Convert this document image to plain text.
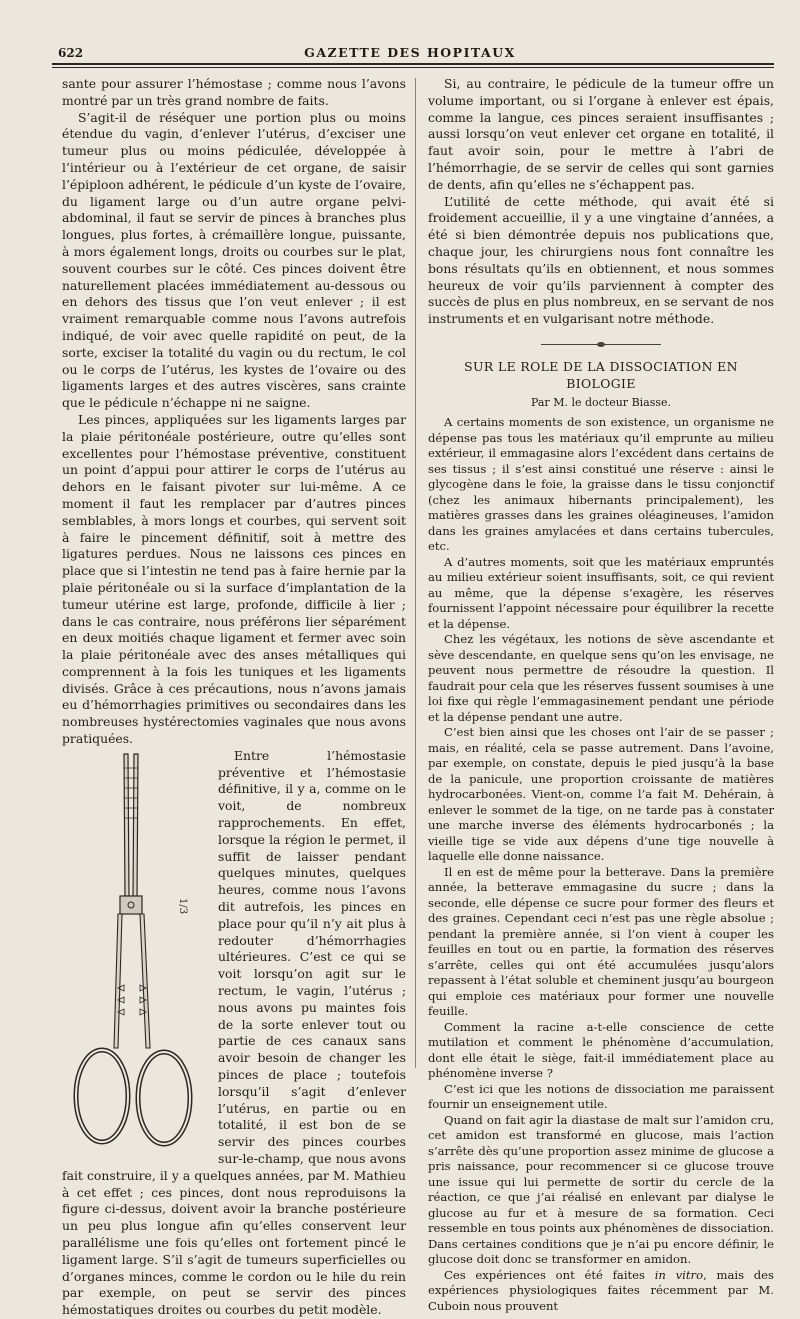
622	GAZETTE DES HOPITAUX

sante pour assurer l’hémostase ; comme nous l’avons montré par un très grand nombre de faits.

S’agit-il de réséquer une portion plus ou moins étendue du vagin, d’enlever l’utérus, d’exciser une tumeur plus ou moins pédiculée, développée à l’intérieur ou à l’extérieur de cet organe, de saisir l’épiploon adhérent, le pédicule d’un kyste de l’ovaire, du ligament large ou d’un autre organe pelvi-abdominal, il faut se servir de pinces à branches plus longues, plus fortes, à crémaillère longue, puissante, à mors également longs, droits ou courbes sur le plat, souvent courbes sur le côté. Ces pinces doivent être naturellement placées immédiatement au-dessous ou en dehors des tissus que l’on veut enlever ; il est vraiment remarquable comme nous l’avons autrefois indiqué, de voir avec quelle rapidité on peut, de la sorte, exciser la totalité du vagin ou du rectum, le col ou le corps de l’utérus, les kystes de l’ovaire ou des ligaments larges et des autres viscères, sans crainte que le pédicule n’échappe ni ne saigne.

Les pinces, appliquées sur les ligaments larges par la plaie péritonéale postérieure, outre qu’elles sont excellentes pour l’hémostase préventive, constituent un point d’appui pour attirer le corps de l’utérus au dehors en le faisant pivoter sur lui-même. A ce moment il faut les remplacer par d’autres pinces semblables, à mors longs et courbes, qui servent soit à faire le pincement définitif, soit à mettre des ligatures perdues. Nous ne laissons ces pinces en place que si l’intestin ne tend pas à faire hernie par la plaie péritonéale ou si la surface d’implantation de la tumeur utérine est large, profonde, difficile à lier ; dans le cas contraire, nous préférons lier séparément en deux moitiés chaque ligament et fermer avec soin la plaie péritonéale avec des anses métalliques qui comprennent à la fois les tuniques et les ligaments divisés. Grâce à ces précautions, nous n’avons jamais eu d’hémorrhagies primitives ou secondaires dans les nombreuses hystérectomies vaginales que nous avons pratiquées.

1/3

Entre l’hémostasie préventive et l’hémostasie définitive, il y a, comme on le voit, de nombreux rapprochements. En effet, lorsque la région le permet, il suffit de laisser pendant quelques minutes, quelques heures, comme nous l’avons dit autrefois, les pinces en place pour qu’il n’y ait plus à redouter d’hémorrhagies ultérieures. C’est ce qui se voit lorsqu’on agit sur le rectum, le vagin, l’utérus ; nous avons pu maintes fois de la sorte enlever tout ou partie de ces canaux sans avoir besoin de changer les pinces de place ; toutefois lorsqu’il s’agit d’enlever l’utérus, en partie ou en totalité, il est bon de se servir des pinces courbes sur-le-champ, que nous avons fait construire, il y a quelques années, par M. Mathieu à cet effet ; ces pinces, dont nous reproduisons la figure ci-dessus, doivent avoir la branche postérieure un peu plus longue afin qu’elles conservent leur parallélisme une fois qu’elles ont fortement pincé le ligament large. S’il s’agit de tumeurs superficielles ou d’organes minces, comme le cordon ou le hile du rein par exemple, on peut se servir des pinces hémostatiques droites ou courbes du petit modèle.

Si, au contraire, le pédicule de la tumeur offre un volume important, ou si l’organe à enlever est épais, comme la langue, ces pinces seraient insuffisantes ; aussi lorsqu’on veut enlever cet organe en totalité, il faut avoir soin, pour le mettre à l’abri de l’hémorrhagie, de se servir de celles qui sont garnies de dents, afin qu’elles ne s’échappent pas.

L’utilité de cette méthode, qui avait été si froidement accueillie, il y a une vingtaine d’années, a été si bien démontrée depuis nos publications que, chaque jour, les chirurgiens nous font connaître les bons résultats qu’ils en obtiennent, et nous sommes heureux de voir qu’ils parviennent à compter des succès de plus en plus nombreux, en se servant de nos instruments et en vulgarisant notre méthode.

SUR LE ROLE DE LA DISSOCIATION EN BIOLOGIE
Par M. le docteur Biasse.

A certains moments de son existence, un organisme ne dépense pas tous les matériaux qu’il emprunte au milieu extérieur, il emmagasine alors l’excédent dans certains de ses tissus ; il s’est ainsi constitué une réserve : ainsi le glycogène dans le foie, la graisse dans le tissu conjonctif (chez les animaux hibernants principalement), les matières grasses dans les graines oléagineuses, l’amidon dans les graines amylacées et dans certains tubercules, etc.

A d’autres moments, soit que les matériaux empruntés au milieu extérieur soient insuffisants, soit, ce qui revient au même, que la dépense s’exagère, les réserves fournissent l’appoint nécessaire pour équilibrer la recette et la dépense.

Chez les végétaux, les notions de sève ascendante et sève descendante, en quelque sens qu’on les envisage, ne peuvent nous permettre de résoudre la question. Il faudrait pour cela que les réserves fussent soumises à une loi fixe qui règle l’emmagasinement pendant une période et la dépense pendant une autre.

C’est bien ainsi que les choses ont l’air de se passer ; mais, en réalité, cela se passe autrement. Dans l’avoine, par exemple, on constate, depuis le pied jusqu’à la base de la panicule, une proportion croissante de matières hydrocarbonées. Vient-on, comme l’a fait M. Dehérain, à enlever le sommet de la tige, on ne tarde pas à constater une marche inverse des éléments hydrocarbonés ; la vieille tige se vide aux dépens d’une tige nouvelle à laquelle elle donne naissance.

Il en est de même pour la betterave. Dans la première année, la betterave emmagasine du sucre ; dans la seconde, elle dépense ce sucre pour former des fleurs et des graines. Cependant ceci n’est pas une règle absolue ; pendant la première année, si l’on vient à couper les feuilles en tout ou en partie, la formation des réserves s’arrête, celles qui ont été accumulées jusqu’alors repassent à l’état soluble et cheminent jusqu’au bourgeon qui emploie ces matériaux pour former une nouvelle feuille.

Comment la racine a-t-elle conscience de cette mutilation et comment le phénomène d’accumulation, dont elle était le siège, fait-il immédiatement place au phénomène inverse ?

C’est ici que les notions de dissociation me paraissent fournir un enseignement utile.

Quand on fait agir la diastase de malt sur l’amidon cru, cet amidon est transformé en glucose, mais l’action s’arrête dès qu’une proportion assez minime de glucose a pris naissance, pour recommencer si ce glucose trouve une issue qui lui permette de sortir du cercle de la réaction, ce que j’ai réalisé en enlevant par dialyse le glucose au fur et à mesure de sa formation. Ceci ressemble en tous points aux phénomènes de dissociation. Dans certaines conditions que je n’ai pu encore définir, le glucose doit donc se transformer en amidon.

Ces expériences ont été faites in vitro, mais des expériences physiologiques faites récemment par M. Cuboin nous prouvent
